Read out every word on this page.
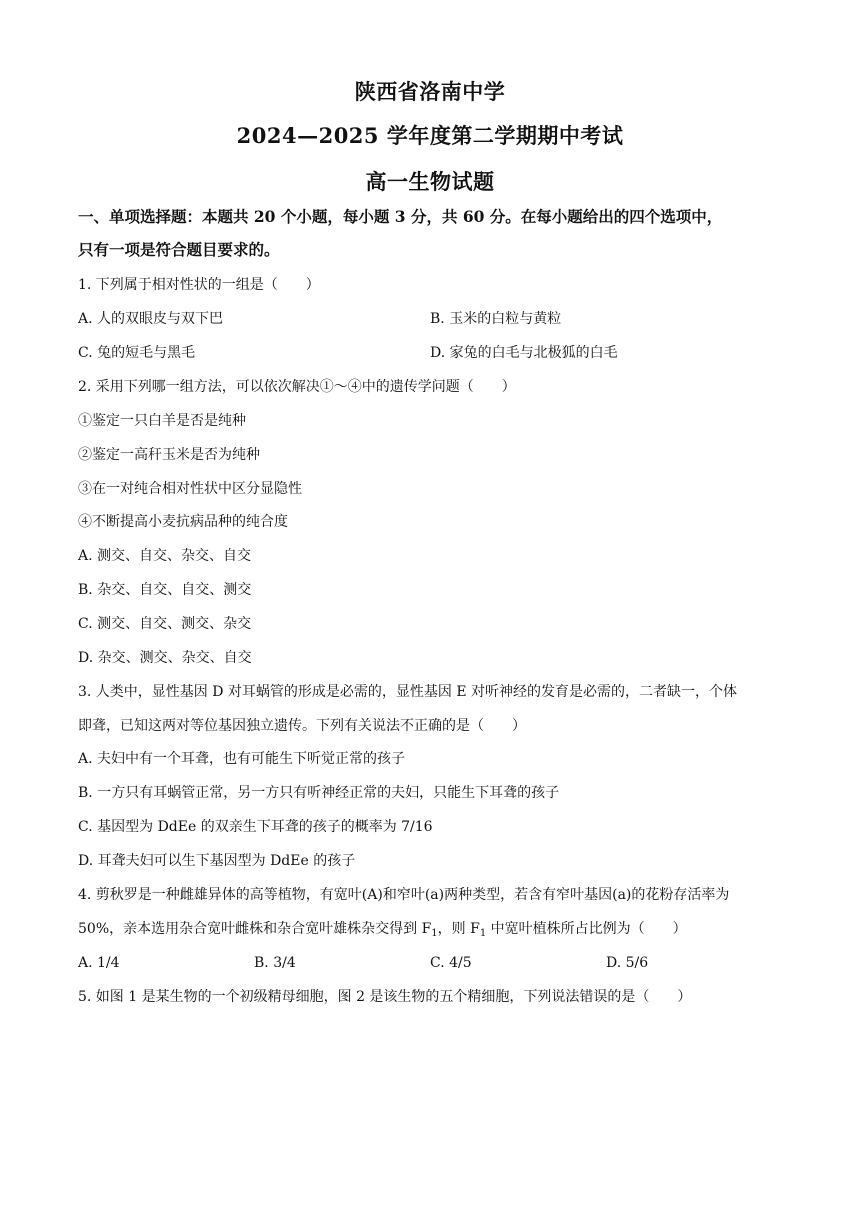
陕西省洛南中学
2024—2025 学年度第二学期期中考试
高一生物试题
一、单项选择题：本题共 20 个小题，每小题 3 分，共 60 分。在每小题给出的四个选项中，
只有一项是符合题目要求的。
1. 下列属于相对性状的一组是（　　）
A. 人的双眼皮与双下巴	B. 玉米的白粒与黄粒
C. 兔的短毛与黑毛	D. 家兔的白毛与北极狐的白毛
2. 采用下列哪一组方法，可以依次解决①～④中的遗传学问题（　　）
①鉴定一只白羊是否是纯种
②鉴定一高秆玉米是否为纯种
③在一对纯合相对性状中区分显隐性
④不断提高小麦抗病品种的纯合度
A. 测交、自交、杂交、自交
B. 杂交、自交、自交、测交
C. 测交、自交、测交、杂交
D. 杂交、测交、杂交、自交
3. 人类中，显性基因 D 对耳蜗管的形成是必需的，显性基因 E 对听神经的发育是必需的，二者缺一，个体
即聋，已知这两对等位基因独立遗传。下列有关说法不正确的是（　　）
A. 夫妇中有一个耳聋，也有可能生下听觉正常的孩子
B. 一方只有耳蜗管正常，另一方只有听神经正常的夫妇，只能生下耳聋的孩子
C. 基因型为 DdEe 的双亲生下耳聋的孩子的概率为 7/16
D. 耳聋夫妇可以生下基因型为 DdEe 的孩子
4. 剪秋罗是一种雌雄异体的高等植物，有宽叶(A)和窄叶(a)两种类型，若含有窄叶基因(a)的花粉存活率为
50%，亲本选用杂合宽叶雌株和杂合宽叶雄株杂交得到 $F_1$，则 $F_1$ 中宽叶植株所占比例为（　　）
A. 1/4	B. 3/4	C. 4/5	D. 5/6
5. 如图 1 是某生物的一个初级精母细胞，图 2 是该生物的五个精细胞，下列说法错误的是（　　）
